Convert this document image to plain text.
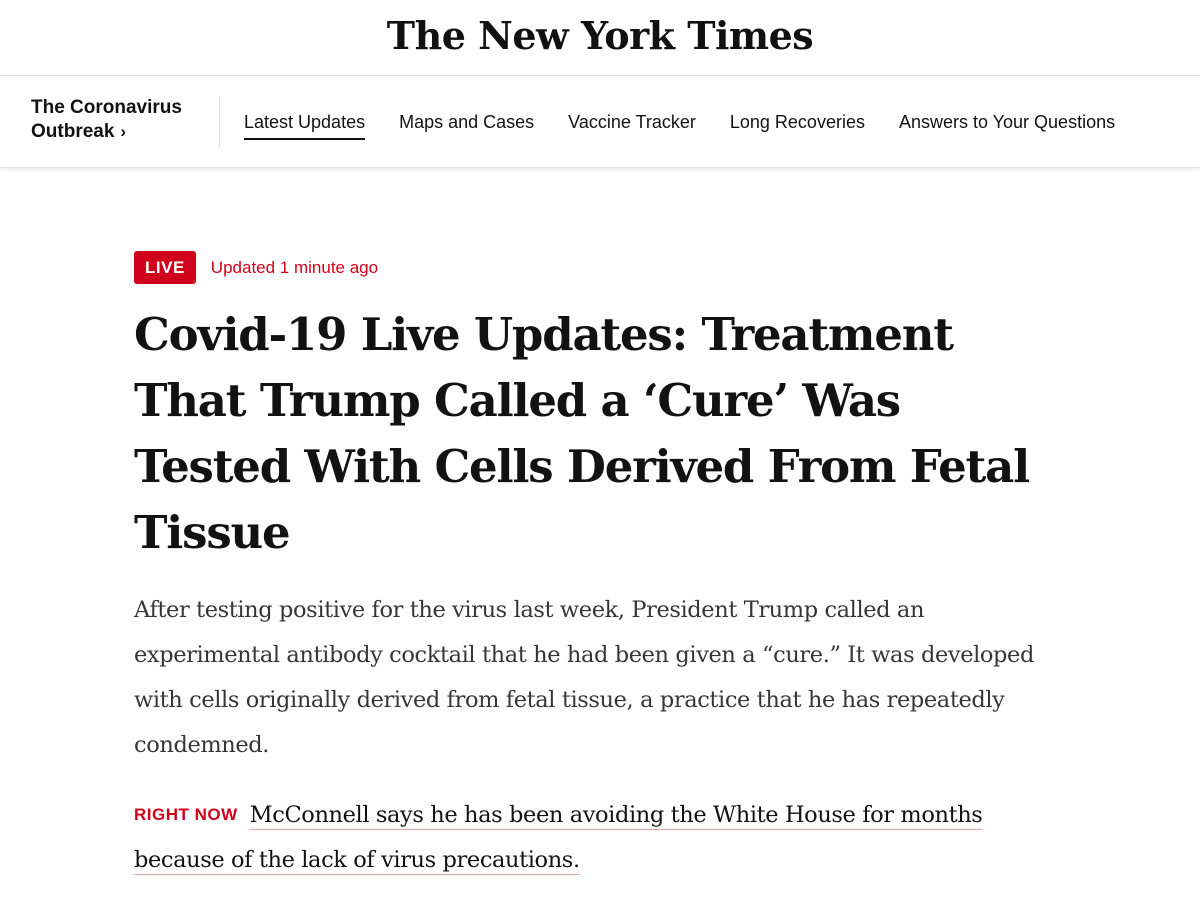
The New York Times
The Coronavirus
Outbreak ›	Latest Updates Maps and Cases Vaccine Tracker Long Recoveries Answers to Your Questions
LIVE	Updated 1 minute ago
Covid-19 Live Updates: Treatment That Trump Called a ‘Cure’ Was Tested With Cells Derived From Fetal Tissue

After testing positive for the virus last week, President Trump called an experimental antibody cocktail that he had been given a “cure.” It was developed with cells originally derived from fetal tissue, a practice that he has repeatedly condemned.

RIGHT NOW McConnell says he has been avoiding the White House for months because of the lack of virus precautions.
